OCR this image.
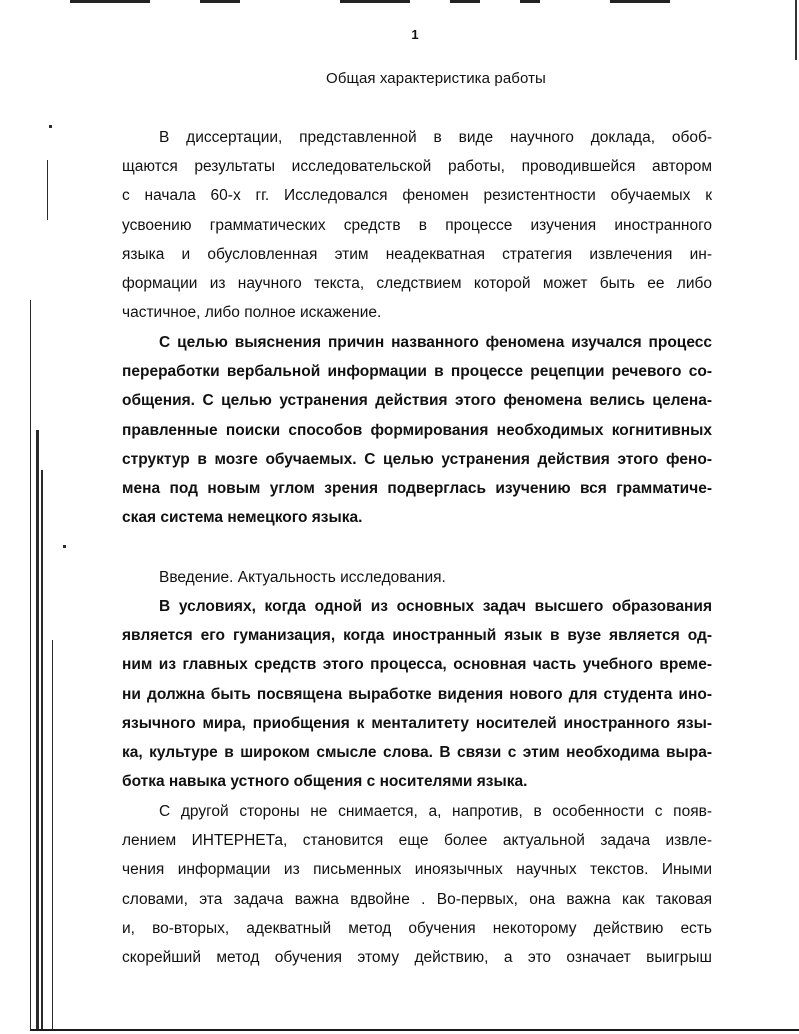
1
Общая характеристика работы
В диссертации, представленной в виде научного доклада, обоб-
щаются результаты исследовательской работы, проводившейся автором
с начала 60-х гг. Исследовался феномен резистентности обучаемых к
усвоению грамматических средств в процессе изучения иностранного
языка и обусловленная этим неадекватная стратегия извлечения ин-
формации из научного текста, следствием которой может быть ее либо
частичное, либо полное искажение.
С целью выяснения причин названного феномена изучался процесс
переработки вербальной информации в процессе рецепции речевого со-
общения. С целью устранения действия этого феномена велись целена-
правленные поиски способов формирования необходимых когнитивных
структур в мозге обучаемых. С целью устранения действия этого фено-
мена под новым углом зрения подверглась изучению вся грамматиче-
ская система немецкого языка.
Введение. Актуальность исследования.
В условиях, когда одной из основных задач высшего образования
является его гуманизация, когда иностранный язык в вузе является од-
ним из главных средств этого процесса, основная часть учебного време-
ни должна быть посвящена выработке видения нового для студента ино-
язычного мира, приобщения к менталитету носителей иностранного язы-
ка, культуре в широком смысле слова. В связи с этим необходима выра-
ботка навыка устного общения с носителями языка.
С другой стороны не снимается, а, напротив, в особенности с появ-
лением ИНТЕРНЕТа, становится еще более актуальной задача извле-
чения информации из письменных иноязычных научных текстов. Иными
словами, эта задача важна вдвойне . Во-первых, она важна как таковая
и, во-вторых, адекватный метод обучения некоторому действию есть
скорейший метод обучения этому действию, а это означает выигрыш
